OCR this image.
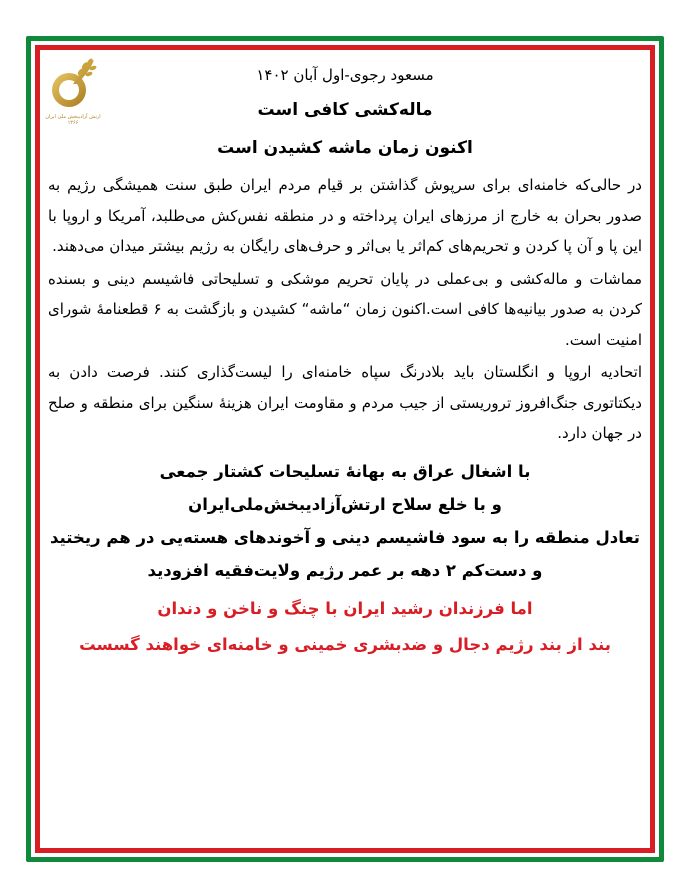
ارتش آزادیبخش ملی ایران ۱۳۶۶
مسعود رجوی-اول آبان ۱۴۰۲
ماله‌کشی کافی است
اکنون زمان ماشه کشیدن است

در حالی‌که خامنه‌ای برای سرپوش گذاشتن بر قیام مردم ایران طبق سنت همیشگی رژیم به صدور بحران به خارج از مرزهای ایران پرداخته و در منطقه نفس‌کش می‌طلبد، آمریکا و اروپا با این پا و آن پا کردن و تحریم‌های کم‌اثر یا بی‌اثر و حرف‌های رایگان به رژیم بیشتر میدان می‌دهند.

مماشات و ماله‌کشی و بی‌عملی در پایان تحریم موشکی و تسلیحاتی فاشیسم دینی و بسنده کردن به صدور بیانیه‌ها کافی است.اکنون زمان “ماشه“ کشیدن و بازگشت به ۶ قطعنامهٔ شورای امنیت است.

اتحادیه اروپا و انگلستان باید بلادرنگ سپاه خامنه‌ای را لیست‌گذاری کنند. فرصت دادن به دیکتاتوری جنگ‌افروز تروریستی از جیب مردم و مقاومت ایران هزینهٔ سنگین برای منطقه و صلح در جهان دارد.

با اشغال عراق به بهانهٔ تسلیحات کشتار جمعی
و با خلع سلاح ارتش‌آزادیبخش‌ملی‌ایران
تعادل منطقه را به سود فاشیسم دینی و آخوندهای هسته‌یی در هم ریختید
و دست‌کم ۲ دهه بر عمر رژیم ولایت‌فقیه افزودید
اما فرزندان رشید ایران با چنگ و ناخن و دندان
بند از بند رژیم دجال و ضدبشری خمینی و خامنه‌ای خواهند گسست
